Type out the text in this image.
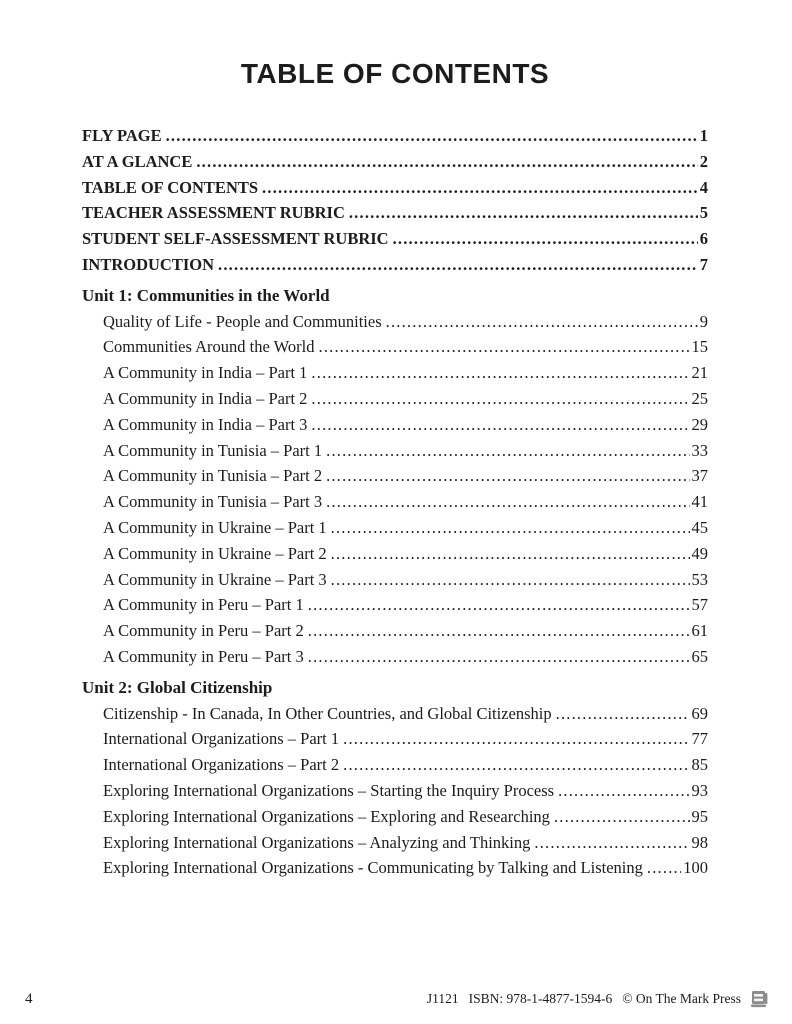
TABLE OF CONTENTS
FLY PAGE .....	1
AT A GLANCE .....	2
TABLE OF CONTENTS .....	4
TEACHER ASSESSMENT RUBRIC .....	5
STUDENT SELF-ASSESSMENT RUBRIC .....	6
INTRODUCTION .....	7
Unit 1: Communities in the World
Quality of Life - People and Communities .....	9
Communities Around the World .....	15
A Community in India – Part 1 .....	21
A Community in India – Part 2 .....	25
A Community in India – Part 3 .....	29
A Community in Tunisia – Part 1 .....	33
A Community in Tunisia – Part 2 .....	37
A Community in Tunisia – Part 3 .....	41
A Community in Ukraine – Part 1 .....	45
A Community in Ukraine – Part 2 .....	49
A Community in Ukraine – Part 3 .....	53
A Community in Peru – Part 1 .....	57
A Community in Peru – Part 2 .....	61
A Community in Peru – Part 3 .....	65
Unit 2: Global Citizenship
Citizenship - In Canada, In Other Countries, and Global Citizenship .....	69
International Organizations – Part 1 .....	77
International Organizations – Part 2 .....	85
Exploring International Organizations – Starting the Inquiry Process .....	93
Exploring International Organizations – Exploring and Researching .....	95
Exploring International Organizations – Analyzing and Thinking .....	98
Exploring International Organizations - Communicating by Talking and Listening ..... 100
4	J1121 ISBN: 978-1-4877-1594-6 © On The Mark Press
